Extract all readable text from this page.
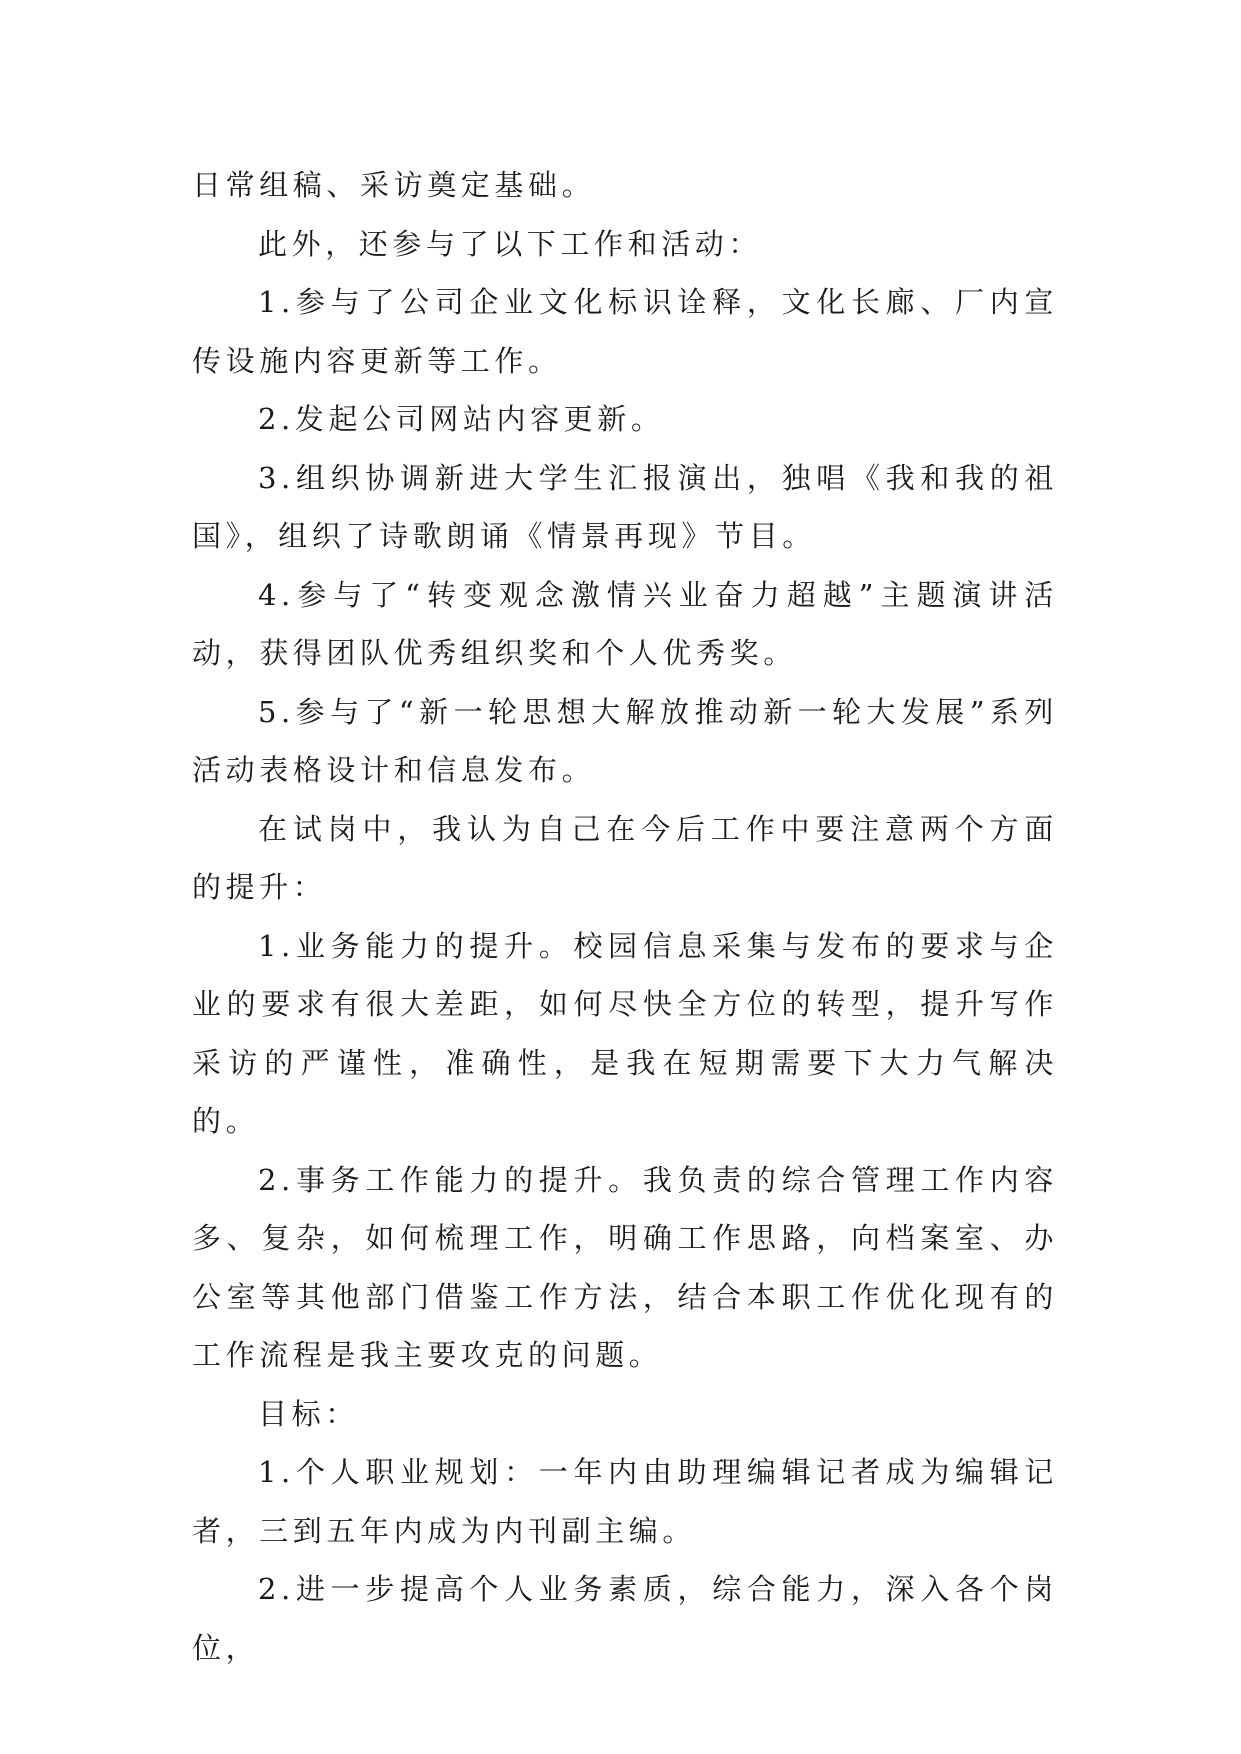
日常组稿、采访奠定基础。

此外，还参与了以下工作和活动：

1.参与了公司企业文化标识诠释，文化长廊、厂内宣传设施内容更新等工作。

2.发起公司网站内容更新。

3.组织协调新进大学生汇报演出，独唱《我和我的祖国》，组织了诗歌朗诵《情景再现》节目。

4.参与了“转变观念激情兴业奋力超越”主题演讲活动，获得团队优秀组织奖和个人优秀奖。

5.参与了“新一轮思想大解放推动新一轮大发展”系列活动表格设计和信息发布。

在试岗中，我认为自己在今后工作中要注意两个方面的提升：

1.业务能力的提升。校园信息采集与发布的要求与企业的要求有很大差距，如何尽快全方位的转型，提升写作采访的严谨性，准确性，是我在短期需要下大力气解决的。

2.事务工作能力的提升。我负责的综合管理工作内容多、复杂，如何梳理工作，明确工作思路，向档案室、办公室等其他部门借鉴工作方法，结合本职工作优化现有的工作流程是我主要攻克的问题。

目标：

1.个人职业规划：一年内由助理编辑记者成为编辑记者，三到五年内成为内刊副主编。

2.进一步提高个人业务素质，综合能力，深入各个岗位，
